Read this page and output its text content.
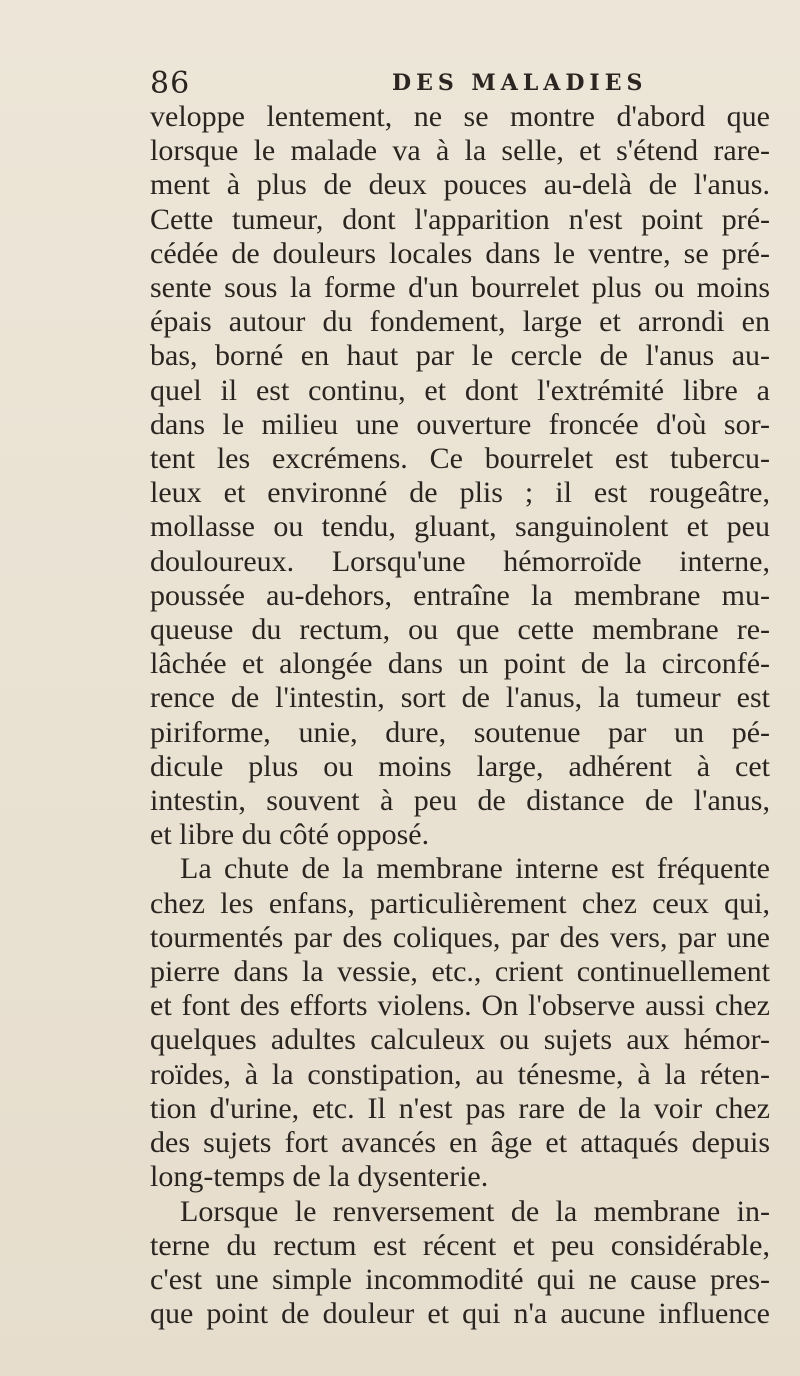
86	DES MALADIES
veloppe lentement, ne se montre d'abord que
lorsque le malade va à la selle, et s'étend rare-
ment à plus de deux pouces au-delà de l'anus.
Cette tumeur, dont l'apparition n'est point pré-
cédée de douleurs locales dans le ventre, se pré-
sente sous la forme d'un bourrelet plus ou moins
épais autour du fondement, large et arrondi en
bas, borné en haut par le cercle de l'anus au-
quel il est continu, et dont l'extrémité libre a
dans le milieu une ouverture froncée d'où sor-
tent les excrémens. Ce bourrelet est tubercu-
leux et environné de plis ; il est rougeâtre,
mollasse ou tendu, gluant, sanguinolent et peu
douloureux. Lorsqu'une hémorroïde interne,
poussée au-dehors, entraîne la membrane mu-
queuse du rectum, ou que cette membrane re-
lâchée et alongée dans un point de la circonfé-
rence de l'intestin, sort de l'anus, la tumeur est
piriforme, unie, dure, soutenue par un pé-
dicule plus ou moins large, adhérent à cet
intestin, souvent à peu de distance de l'anus,
et libre du côté opposé.
La chute de la membrane interne est fréquente
chez les enfans, particulièrement chez ceux qui,
tourmentés par des coliques, par des vers, par une
pierre dans la vessie, etc., crient continuellement
et font des efforts violens. On l'observe aussi chez
quelques adultes calculeux ou sujets aux hémor-
roïdes, à la constipation, au ténesme, à la réten-
tion d'urine, etc. Il n'est pas rare de la voir chez
des sujets fort avancés en âge et attaqués depuis
long-temps de la dysenterie.
Lorsque le renversement de la membrane in-
terne du rectum est récent et peu considérable,
c'est une simple incommodité qui ne cause pres-
que point de douleur et qui n'a aucune influence
